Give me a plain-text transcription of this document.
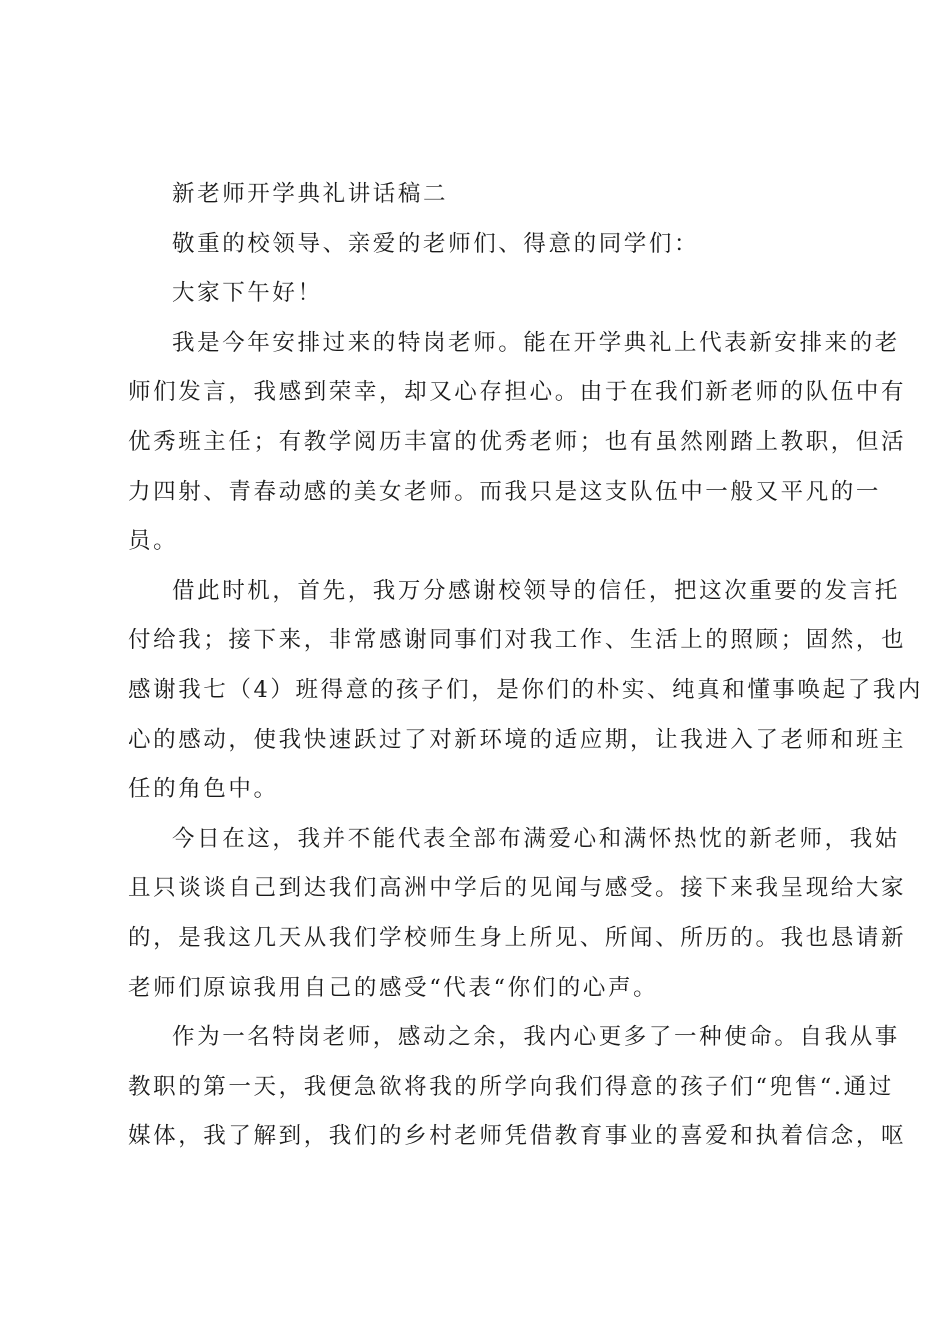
新老师开学典礼讲话稿二

敬重的校领导、亲爱的老师们、得意的同学们：

大家下午好！

我是今年安排过来的特岗老师。能在开学典礼上代表新安排来的老

师们发言，我感到荣幸，却又心存担心。由于在我们新老师的队伍中有

优秀班主任；有教学阅历丰富的优秀老师；也有虽然刚踏上教职，但活

力四射、青春动感的美女老师。而我只是这支队伍中一般又平凡的一

员。

借此时机，首先，我万分感谢校领导的信任，把这次重要的发言托

付给我；接下来，非常感谢同事们对我工作、生活上的照顾；固然，也

感谢我七（4）班得意的孩子们，是你们的朴实、纯真和懂事唤起了我内

心的感动，使我快速跃过了对新环境的适应期，让我进入了老师和班主

任的角色中。

今日在这，我并不能代表全部布满爱心和满怀热忱的新老师，我姑

且只谈谈自己到达我们高洲中学后的见闻与感受。接下来我呈现给大家

的，是我这几天从我们学校师生身上所见、所闻、所历的。我也恳请新

老师们原谅我用自己的感受“代表“你们的心声。

作为一名特岗老师，感动之余，我内心更多了一种使命。自我从事

教职的第一天，我便急欲将我的所学向我们得意的孩子们“兜售“.通过

媒体，我了解到，我们的乡村老师凭借教育事业的喜爱和执着信念，呕
